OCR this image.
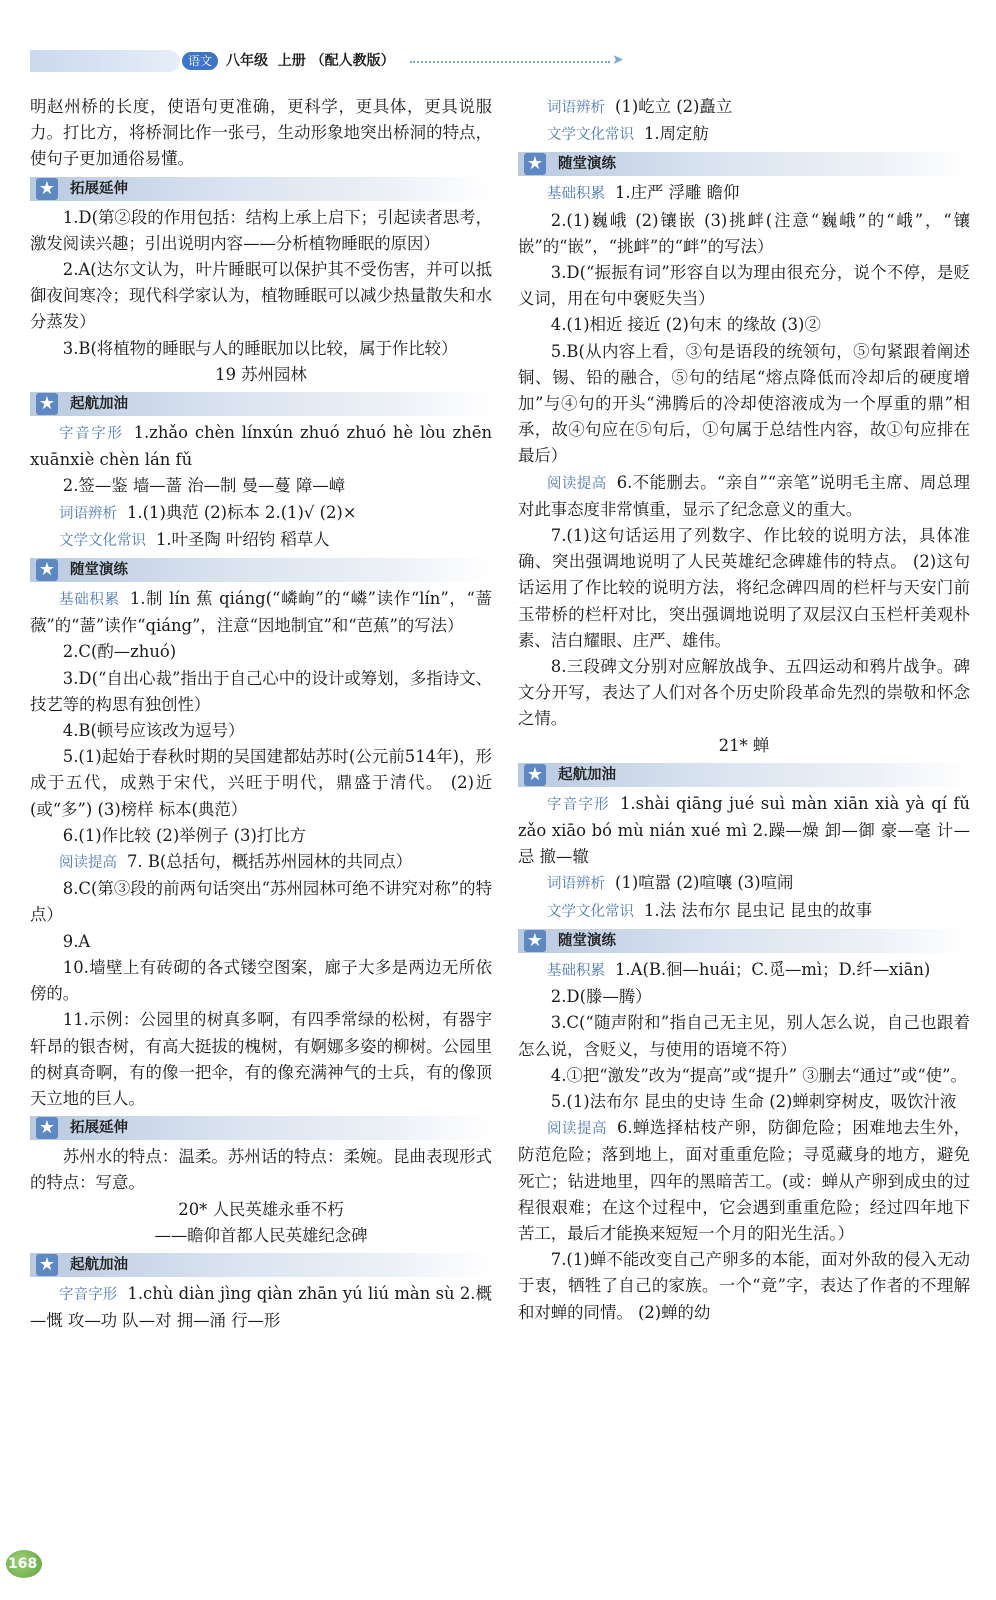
语文	八年级  上册 （配人教版）	➤

明赵州桥的长度，使语句更准确，更科学，更具体，更具说服力。打比方，将桥洞比作一张弓，生动形象地突出桥洞的特点，使句子更加通俗易懂。

★ 拓展延伸

1.D(第②段的作用包括：结构上承上启下；引起读者思考，激发阅读兴趣；引出说明内容——分析植物睡眠的原因）

2.A(达尔文认为，叶片睡眠可以保护其不受伤害，并可以抵御夜间寒冷；现代科学家认为，植物睡眠可以减少热量散失和水分蒸发）

3.B(将植物的睡眠与人的睡眠加以比较，属于作比较）

19 苏州园林

★ 起航加油

字音字形 1.zhǎo chèn línxún zhuó zhuó hè lòu zhēn xuānxiè chèn lán fǔ

2.签—鉴 墙—蔷 治—制 曼—蔓 障—嶂

词语辨析 1.(1)典范 (2)标本 2.(1)√ (2)×

文学文化常识 1.叶圣陶 叶绍钧 稻草人

★ 随堂演练

基础积累 1.制 lín 蕉 qiáng(“嶙峋”的“嶙”读作“lín”，“蔷薇”的“蔷”读作“qiáng”，注意“因地制宜”和“芭蕉”的写法）

2.C(酌—zhuó)

3.D(“自出心裁”指出于自己心中的设计或筹划，多指诗文、技艺等的构思有独创性）

4.B(顿号应该改为逗号）

5.(1)起始于春秋时期的吴国建都姑苏时(公元前514年)，形成于五代，成熟于宋代，兴旺于明代，鼎盛于清代。 (2)近(或“多”) (3)榜样 标本(典范）

6.(1)作比较 (2)举例子 (3)打比方

阅读提高 7. B(总括句，概括苏州园林的共同点）

8.C(第③段的前两句话突出“苏州园林可绝不讲究对称”的特点）

9.A

10.墙壁上有砖砌的各式镂空图案，廊子大多是两边无所依傍的。

11.示例：公园里的树真多啊，有四季常绿的松树，有器宇轩昂的银杏树，有高大挺拔的槐树，有婀娜多姿的柳树。公园里的树真奇啊，有的像一把伞，有的像充满神气的士兵，有的像顶天立地的巨人。

★ 拓展延伸

苏州水的特点：温柔。苏州话的特点：柔婉。昆曲表现形式的特点：写意。

20* 人民英雄永垂不朽

——瞻仰首都人民英雄纪念碑

★ 起航加油

字音字形 1.chù diàn jìng qiàn zhān yú liú màn sù 2.概—慨 攻—功 队—对 拥—涌 行—形

词语辨析 (1)屹立 (2)矗立

文学文化常识 1.周定舫

★ 随堂演练

基础积累 1.庄严 浮雕 瞻仰

2.(1)巍峨 (2)镶嵌 (3)挑衅(注意“巍峨”的“峨”，“镶嵌”的“嵌”，“挑衅”的“衅”的写法）

3.D(“振振有词”形容自以为理由很充分，说个不停，是贬义词，用在句中褒贬失当）

4.(1)相近 接近 (2)句末 的缘故 (3)②

5.B(从内容上看，③句是语段的统领句，⑤句紧跟着阐述铜、锡、铅的融合，⑤句的结尾“熔点降低而冷却后的硬度增加”与④句的开头“沸腾后的冷却使溶液成为一个厚重的鼎”相承，故④句应在⑤句后，①句属于总结性内容，故①句应排在最后）

阅读提高 6.不能删去。“亲自”“亲笔”说明毛主席、周总理对此事态度非常慎重，显示了纪念意义的重大。

7.(1)这句话运用了列数字、作比较的说明方法，具体准确、突出强调地说明了人民英雄纪念碑雄伟的特点。 (2)这句话运用了作比较的说明方法，将纪念碑四周的栏杆与天安门前玉带桥的栏杆对比，突出强调地说明了双层汉白玉栏杆美观朴素、洁白耀眼、庄严、雄伟。

8.三段碑文分别对应解放战争、五四运动和鸦片战争。碑文分开写，表达了人们对各个历史阶段革命先烈的崇敬和怀念之情。

21* 蝉

★ 起航加油

字音字形 1.shài qiāng jué suì màn xiān xià yà qí fǔ zǎo xiāo bó mù nián xué mì 2.躁—燥 卸—御 豪—毫 计—忌 撤—辙

词语辨析 (1)喧嚣 (2)喧嚷 (3)喧闹

文学文化常识 1.法 法布尔 昆虫记 昆虫的故事

★ 随堂演练

基础积累 1.A(B.徊—huái；C.觅—mì；D.纤—xiān)

2.D(滕—腾）

3.C(“随声附和”指自己无主见，别人怎么说，自己也跟着怎么说，含贬义，与使用的语境不符）

4.①把“激发”改为“提高”或“提升” ③删去“通过”或“使”。

5.(1)法布尔 昆虫的史诗 生命 (2)蝉刺穿树皮，吸饮汁液

阅读提高 6.蝉选择枯枝产卵，防御危险；困难地去生外，防范危险；落到地上，面对重重危险；寻觅藏身的地方，避免死亡；钻进地里，四年的黑暗苦工。(或：蝉从产卵到成虫的过程很艰难；在这个过程中，它会遇到重重危险；经过四年地下苦工，最后才能换来短短一个月的阳光生活。）

7.(1)蝉不能改变自己产卵多的本能，面对外敌的侵入无动于衷，牺牲了自己的家族。一个“竟”字，表达了作者的不理解和对蝉的同情。 (2)蝉的幼

168
